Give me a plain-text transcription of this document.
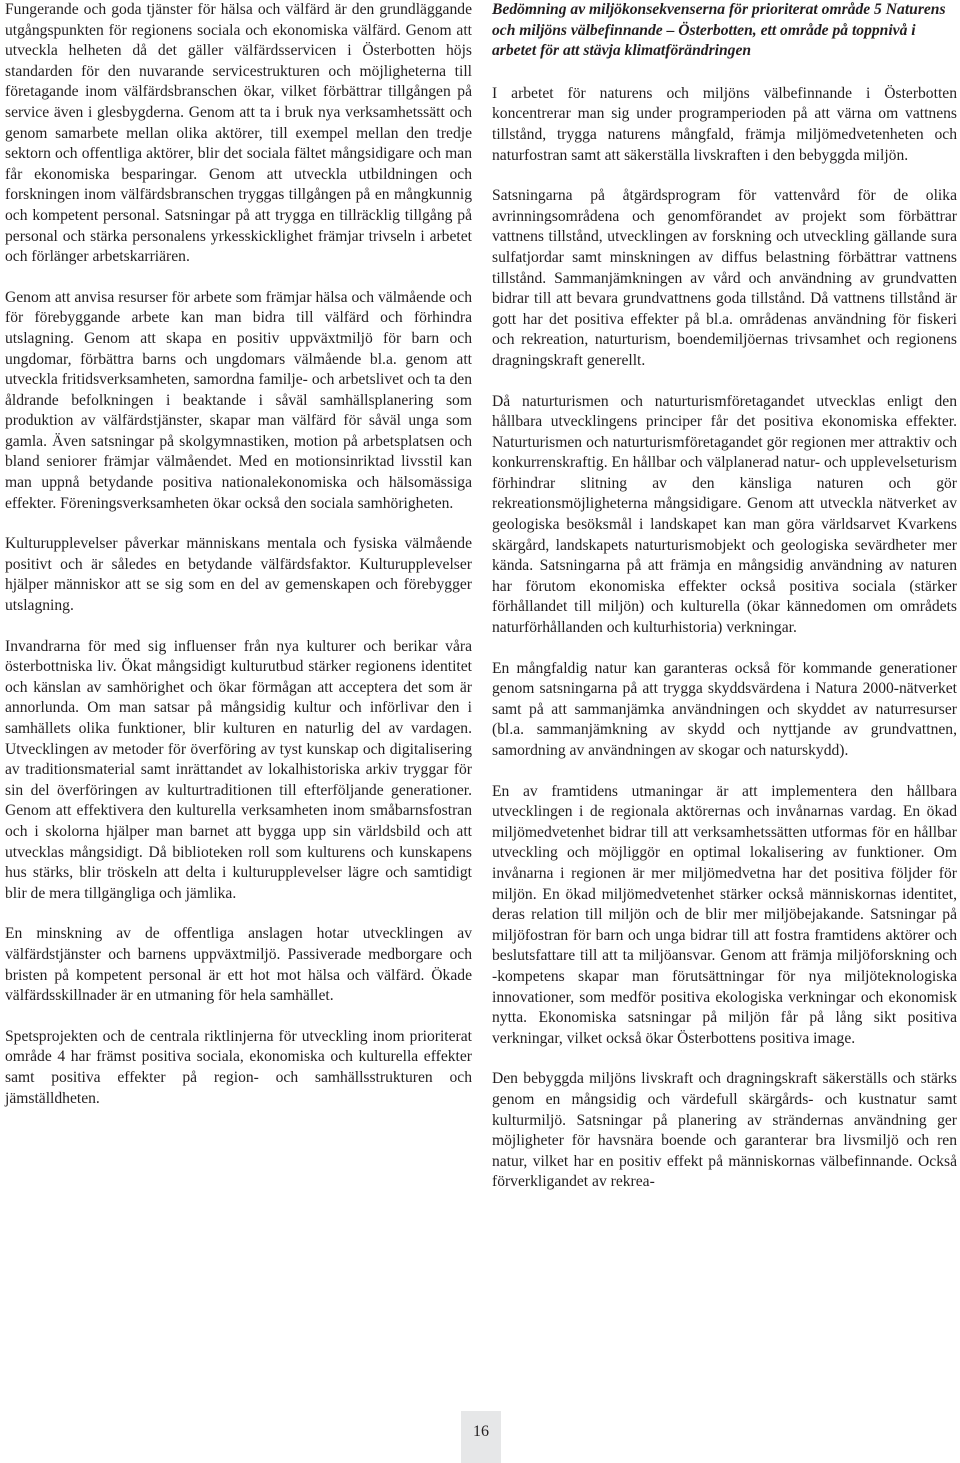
Fungerande och goda tjänster för hälsa och välfärd är den grundläggande utgångspunkten för regionens sociala och ekonomiska välfärd. Genom att utveckla helheten då det gäller välfärdsservicen i Österbotten höjs standarden för den nuvarande servicestrukturen och möjligheterna till företagande inom välfärdsbranschen ökar, vilket förbättrar tillgången på service även i glesbygderna. Genom att ta i bruk nya verksamhetssätt och genom samarbete mellan olika aktörer, till exempel mellan den tredje sektorn och offentliga aktörer, blir det sociala fältet mångsidigare och man får ekonomiska besparingar. Genom att utveckla utbildningen och forskningen inom välfärdsbranschen tryggas tillgången på en mångkunnig och kompetent personal. Satsningar på att trygga en tillräcklig tillgång på personal och stärka personalens yrkesskicklighet främjar trivseln i arbetet och förlänger arbetskarriären.

Genom att anvisa resurser för arbete som främjar hälsa och välmående och för förebyggande arbete kan man bidra till välfärd och förhindra utslagning. Genom att skapa en positiv uppväxtmiljö för barn och ungdomar, förbättra barns och ungdomars välmående bl.a. genom att utveckla fritidsverksamheten, samordna familje- och arbetslivet och ta den åldrande befolkningen i beaktande i såväl samhällsplanering som produktion av välfärdstjänster, skapar man välfärd för såväl unga som gamla. Även satsningar på skolgymnastiken, motion på arbetsplatsen och bland seniorer främjar välmåendet. Med en motionsinriktad livsstil kan man uppnå betydande positiva nationalekonomiska och hälsomässiga effekter. Föreningsverksamheten ökar också den sociala samhörigheten.

Kulturupplevelser påverkar människans mentala och fysiska välmående positivt och är således en betydande välfärdsfaktor. Kulturupplevelser hjälper människor att se sig som en del av gemenskapen och förebygger utslagning.

Invandrarna för med sig influenser från nya kulturer och berikar våra österbottniska liv. Ökat mångsidigt kulturutbud stärker regionens identitet och känslan av samhörighet och ökar förmågan att acceptera det som är annorlunda. Om man satsar på mångsidig kultur och införlivar den i samhällets olika funktioner, blir kulturen en naturlig del av vardagen. Utvecklingen av metoder för överföring av tyst kunskap och digitalisering av traditionsmaterial samt inrättandet av lokalhistoriska arkiv tryggar för sin del överföringen av kulturtraditionen till efterföljande generationer. Genom att effektivera den kulturella verksamheten inom småbarnsfostran och i skolorna hjälper man barnet att bygga upp sin världsbild och att utvecklas mångsidigt. Då biblioteken roll som kulturens och kunskapens hus stärks, blir tröskeln att delta i kulturupplevelser lägre och samtidigt blir de mera tillgängliga och jämlika.

En minskning av de offentliga anslagen hotar utvecklingen av välfärdstjänster och barnens uppväxtmiljö. Passiverade medborgare och bristen på kompetent personal är ett hot mot hälsa och välfärd. Ökade välfärdsskillnader är en utmaning för hela samhället.

Spetsprojekten och de centrala riktlinjerna för utveckling inom prioriterat område 4 har främst positiva sociala, ekonomiska och kulturella effekter samt positiva effekter på region- och samhällsstrukturen och jämställdheten.

Bedömning av miljökonsekvenserna för prioriterat område 5 Naturens och miljöns välbefinnande – Österbotten, ett område på toppnivå i arbetet för att stävja klimatförändringen

I arbetet för naturens och miljöns välbefinnande i Österbotten koncentrerar man sig under programperioden på att värna om vattnens tillstånd, trygga naturens mångfald, främja miljömedvetenheten och naturfostran samt att säkerställa livskraften i den bebyggda miljön.

Satsningarna på åtgärdsprogram för vattenvård för de olika avrinningsområdena och genomförandet av projekt som förbättrar vattnens tillstånd, utvecklingen av forskning och utveckling gällande sura sulfatjordar samt minskningen av diffus belastning förbättrar vattnens tillstånd. Sammanjämkningen av vård och användning av grundvatten bidrar till att bevara grundvattnens goda tillstånd. Då vattnens tillstånd är gott har det positiva effekter på bl.a. områdenas användning för fiskeri och rekreation, naturturism, boendemiljöernas trivsamhet och regionens dragningskraft generellt.

Då naturturismen och naturturismföretagandet utvecklas enligt den hållbara utvecklingens principer får det positiva ekonomiska effekter. Naturturismen och naturturismföretagandet gör regionen mer attraktiv och konkurrenskraftig. En hållbar och välplanerad natur- och upplevelseturism förhindrar slitning av den känsliga naturen och gör rekreationsmöjligheterna mångsidigare. Genom att utveckla nätverket av geologiska besöksmål i landskapet kan man göra världsarvet Kvarkens skärgård, landskapets naturturismobjekt och geologiska sevärdheter mer kända. Satsningarna på att främja en mångsidig användning av naturen har förutom ekonomiska effekter också positiva sociala (stärker förhållandet till miljön) och kulturella (ökar kännedomen om områdets naturförhållanden och kulturhistoria) verkningar.

En mångfaldig natur kan garanteras också för kommande generationer genom satsningarna på att trygga skyddsvärdena i Natura 2000-nätverket samt på att sammanjämka användningen och skyddet av naturresurser (bl.a. sammanjämkning av skydd och nyttjande av grundvattnen, samordning av användningen av skogar och naturskydd).

En av framtidens utmaningar är att implementera den hållbara utvecklingen i de regionala aktörernas och invånarnas vardag. En ökad miljömedvetenhet bidrar till att verksamhetssätten utformas för en hållbar utveckling och möjliggör en optimal lokalisering av funktioner. Om invånarna i regionen är mer miljömedvetna har det positiva följder för miljön. En ökad miljömedvetenhet stärker också människornas identitet, deras relation till miljön och de blir mer miljöbejakande. Satsningar på miljöfostran för barn och unga bidrar till att fostra framtidens aktörer och beslutsfattare till att ta miljöansvar. Genom att främja miljöforskning och -kompetens skapar man förutsättningar för nya miljöteknologiska innovationer, som medför positiva ekologiska verkningar och ekonomisk nytta. Ekonomiska satsningar på miljön får på lång sikt positiva verkningar, vilket också ökar Österbottens positiva image.

Den bebyggda miljöns livskraft och dragningskraft säkerställs och stärks genom en mångsidig och värdefull skärgårds- och kustnatur samt kulturmiljö. Satsningar på planering av strändernas användning ger möjligheter för havsnära boende och garanterar bra livsmiljö och ren natur, vilket har en positiv effekt på människornas välbefinnande. Också förverkligandet av rekrea-

16
